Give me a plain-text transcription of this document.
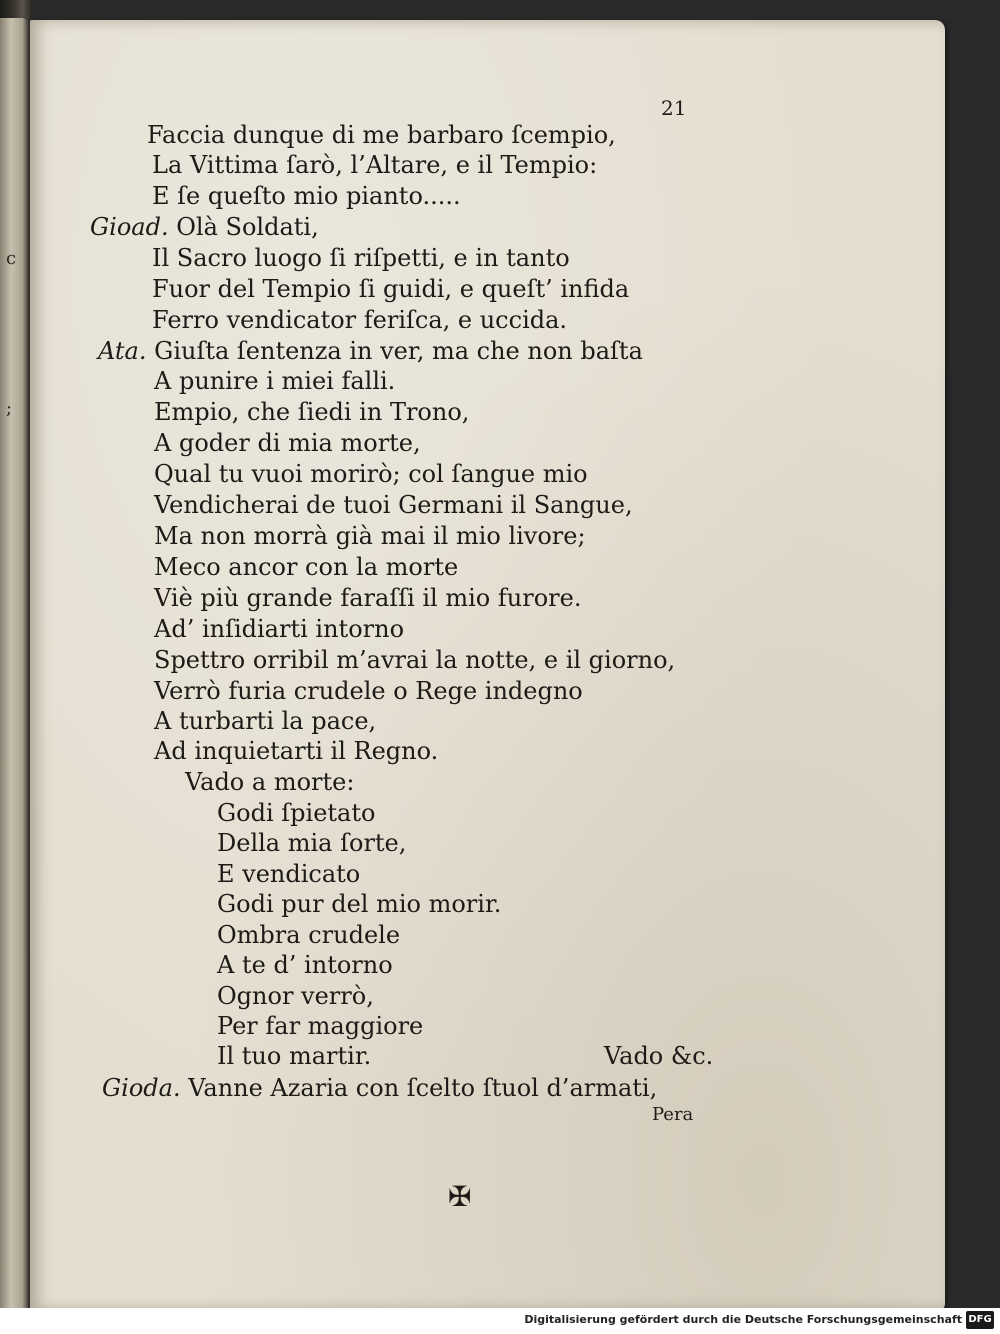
c
;
21
Faccia dunque di me barbaro ſcempio,
La Vittima ſarò, l’Altare, e il Tempio:
E ſe queſto mio pianto.....
Gioad. Olà Soldati,
Il Sacro luogo ſi riſpetti, e in tanto
Fuor del Tempio ſi guidi, e queſt’ infida
Ferro vendicator feriſca, e uccida.
Ata. Giuſta ſentenza in ver, ma che non baſta
A punire i miei falli.
Empio, che ſiedi in Trono,
A goder di mia morte,
Qual tu vuoi morirò; col ſangue mio
Vendicherai de tuoi Germani il Sangue,
Ma non morrà già mai il mio livore;
Meco ancor con la morte
Viè più grande faraſſi il mio furore.
Ad’ inſidiarti intorno
Spettro orribil m’avrai la notte, e il giorno,
Verrò furia crudele o Rege indegno
A turbarti la pace,
Ad inquietarti il Regno.
Vado a morte:
Godi ſpietato
Della mia ſorte,
E vendicato
Godi pur del mio morir.
Ombra crudele
A te d’ intorno
Ognor verrò,
Per far maggiore
Il tuo martir.	Vado &c.
Gioda. Vanne Azaria con ſcelto ſtuol d’armati,
Pera
✠
Digitalisierung gefördert durch die Deutsche Forschungsgemeinschaft DFG
